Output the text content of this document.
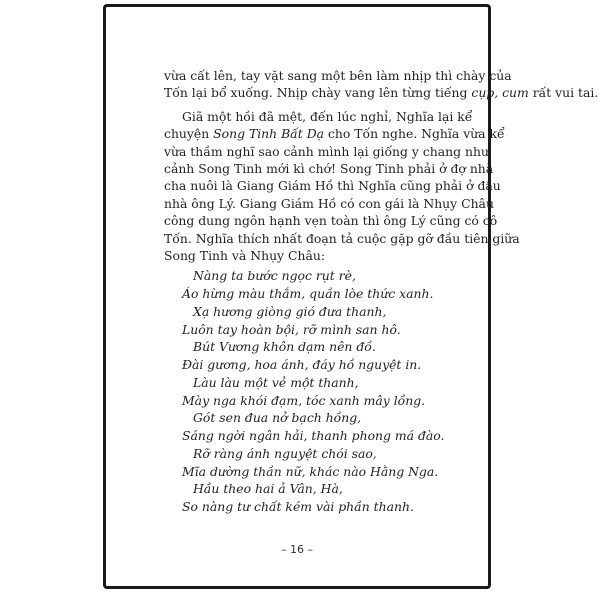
vừa cất lên, tay vặt sang một bên làm nhịp thì chày của
Tốn lại bổ xuống. Nhịp chày vang lên từng tiếng cụp, cum rất vui tai.

Giã một hồi đã mệt, đến lúc nghỉ, Nghĩa lại kể
chuyện Song Tinh Bất Dạ cho Tốn nghe. Nghĩa vừa kể
vừa thầm nghĩ sao cảnh mình lại giống y chang như
cảnh Song Tinh mới kì chớ! Song Tinh phải ở đợ nhà
cha nuôi là Giang Giám Hồ thì Nghĩa cũng phải ở đậu
nhà ông Lý. Giang Giám Hồ có con gái là Nhụy Châu
công dung ngôn hạnh vẹn toàn thì ông Lý cũng có cô
Tốn. Nghĩa thích nhất đoạn tả cuộc gặp gỡ đầu tiên giữa
Song Tinh và Nhụy Châu:

Nàng ta bước ngọc rụt rè,
Áo hừng màu thắm, quần lòe thức xanh.
Xạ hương giòng gió đưa thanh,
Luôn tay hoàn bội, rỡ mình san hô.
Bút Vương khôn dạm nên đồ.
Đài gương, hoa ánh, đáy hồ nguyệt in.
Làu làu một vẻ một thanh,
Mày nga khói đạm, tóc xanh mây lồng.
Gót sen đua nở bạch hồng,
Sáng ngời ngân hải, thanh phong má đào.
Rỡ ràng ánh nguyệt chói sao,
Mĩa dường thần nữ, khác nào Hằng Nga.
Hầu theo hai ả Vân, Hà,
So nàng tư chất kém vài phần thanh.
– 16 –
